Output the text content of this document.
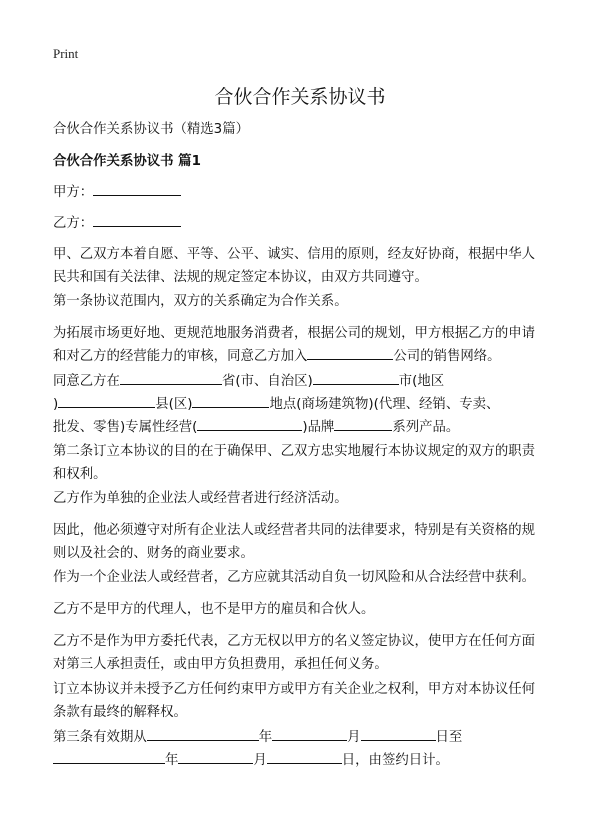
Print
合伙合作关系协议书

合伙合作关系协议书（精选3篇）

合伙合作关系协议书 篇1

甲方：

乙方：

甲、乙双方本着自愿、平等、公平、诚实、信用的原则，经友好协商，根据中华人民共和国有关法律、法规的规定签定本协议，由双方共同遵守。

第一条协议范围内，双方的关系确定为合作关系。

为拓展市场更好地、更规范地服务消费者，根据公司的规划，甲方根据乙方的申请和对乙方的经营能力的审核，同意乙方加入	公司的销售网络。

同意乙方在	省(市、自治区)	市(地区

)	县(区)	地点(商场建筑物)(代理、经销、专卖、

批发、零售)专属性经营(	)品牌	系列产品。

第二条订立本协议的目的在于确保甲、乙双方忠实地履行本协议规定的双方的职责和权利。

乙方作为单独的企业法人或经营者进行经济活动。

因此，他必须遵守对所有企业法人或经营者共同的法律要求，特别是有关资格的规则以及社会的、财务的商业要求。

作为一个企业法人或经营者，乙方应就其活动自负一切风险和从合法经营中获利。

乙方不是甲方的代理人，也不是甲方的雇员和合伙人。

乙方不是作为甲方委托代表，乙方无权以甲方的名义签定协议，使甲方在任何方面对第三人承担责任，或由甲方负担费用，承担任何义务。

订立本协议并未授予乙方任何约束甲方或甲方有关企业之权利，甲方对本协议任何条款有最终的解释权。

第三条有效期从	年	月	日至

年	月	日，由签约日计。
